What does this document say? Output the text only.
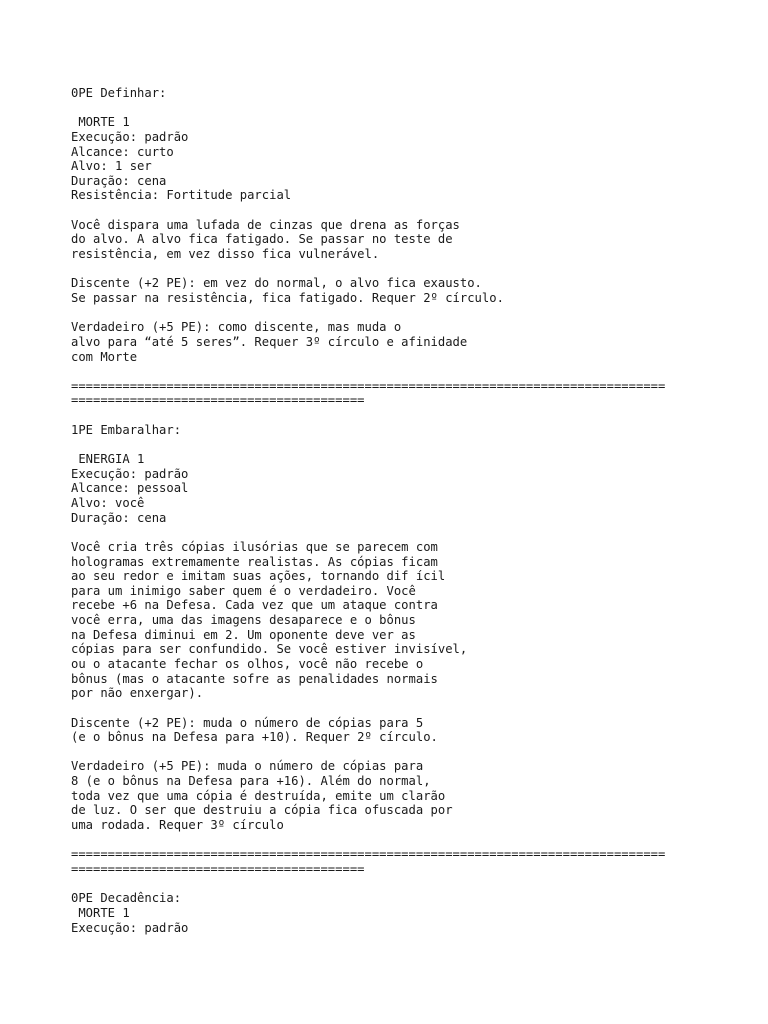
0PE Definhar:
MORTE 1
Execução: padrão
Alcance: curto
Alvo: 1 ser
Duração: cena
Resistência: Fortitude parcial
Você dispara uma lufada de cinzas que drena as forças
do alvo. A alvo fica fatigado. Se passar no teste de
resistência, em vez disso fica vulnerável.
Discente (+2 PE): em vez do normal, o alvo fica exausto.
Se passar na resistência, fica fatigado. Requer 2º círculo.
Verdadeiro (+5 PE): como discente, mas muda o
alvo para “até 5 seres”. Requer 3º círculo e afinidade
com Morte
=================================================================================
========================================
1PE Embaralhar:
ENERGIA 1
Execução: padrão
Alcance: pessoal
Alvo: você
Duração: cena
Você cria três cópias ilusórias que se parecem com
hologramas extremamente realistas. As cópias ficam
ao seu redor e imitam suas ações, tornando dif ícil
para um inimigo saber quem é o verdadeiro. Você
recebe +6 na Defesa. Cada vez que um ataque contra
você erra, uma das imagens desaparece e o bônus
na Defesa diminui em 2. Um oponente deve ver as
cópias para ser confundido. Se você estiver invisível,
ou o atacante fechar os olhos, você não recebe o
bônus (mas o atacante sofre as penalidades normais
por não enxergar).
Discente (+2 PE): muda o número de cópias para 5
(e o bônus na Defesa para +10). Requer 2º círculo.
Verdadeiro (+5 PE): muda o número de cópias para
8 (e o bônus na Defesa para +16). Além do normal,
toda vez que uma cópia é destruída, emite um clarão
de luz. O ser que destruiu a cópia fica ofuscada por
uma rodada. Requer 3º círculo
=================================================================================
========================================
0PE Decadência:
MORTE 1
Execução: padrão
